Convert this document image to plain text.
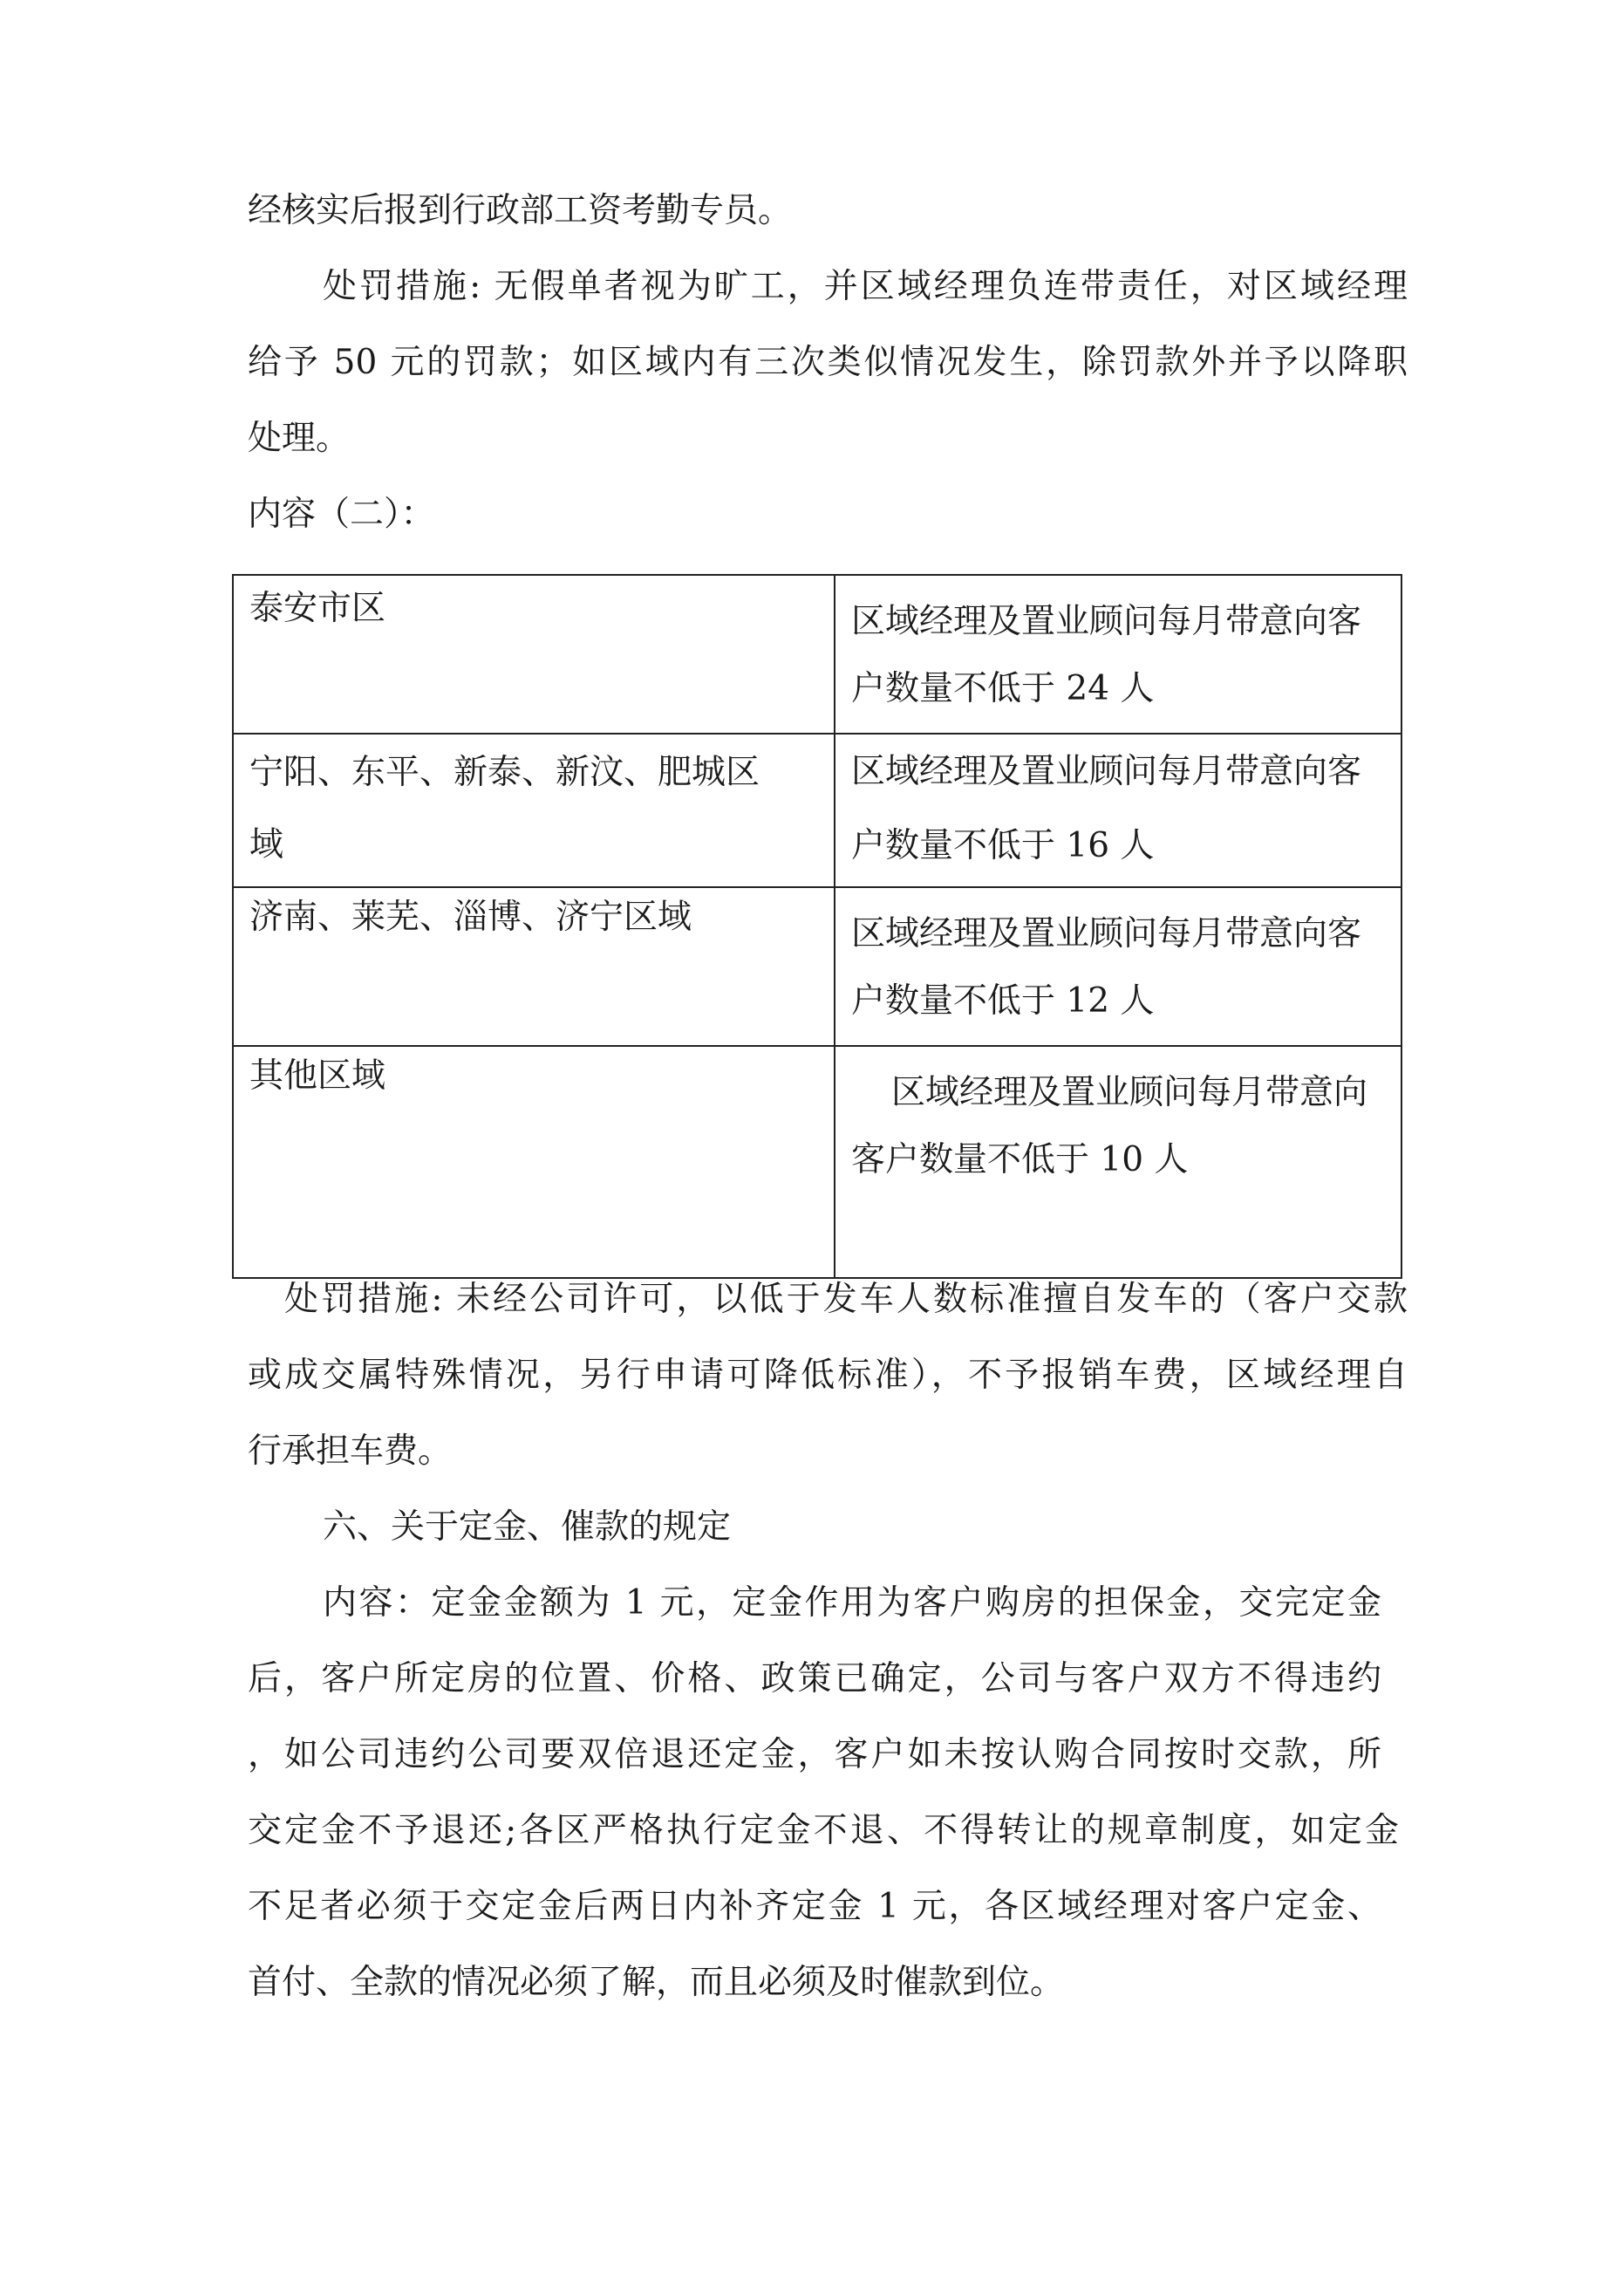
经核实后报到行政部工资考勤专员。

处罚措施: 无假单者视为旷工，并区域经理负连带责任，对区域经理

给予 50 元的罚款；如区域内有三次类似情况发生，除罚款外并予以降职

处理。

内容（二）：

泰安市区	区域经理及置业顾问每月带意向客
户数量不低于 24 人

宁阳、东平、新泰、新汶、肥城区
域	区域经理及置业顾问每月带意向客
户数量不低于 16 人

济南、莱芜、淄博、济宁区域	区域经理及置业顾问每月带意向客
户数量不低于 12 人

其他区域	区域经理及置业顾问每月带意向
客户数量不低于 10 人

处罚措施: 未经公司许可，以低于发车人数标准擅自发车的（客户交款

或成交属特殊情况，另行申请可降低标准），不予报销车费，区域经理自

行承担车费。

六、关于定金、催款的规定

内容：定金金额为 1 元，定金作用为客户购房的担保金，交完定金

后，客户所定房的位置、价格、政策已确定，公司与客户双方不得违约

，如公司违约公司要双倍退还定金，客户如未按认购合同按时交款，所

交定金不予退还;各区严格执行定金不退、不得转让的规章制度，如定金

不足者必须于交定金后两日内补齐定金 1 元，各区域经理对客户定金、

首付、全款的情况必须了解，而且必须及时催款到位。
